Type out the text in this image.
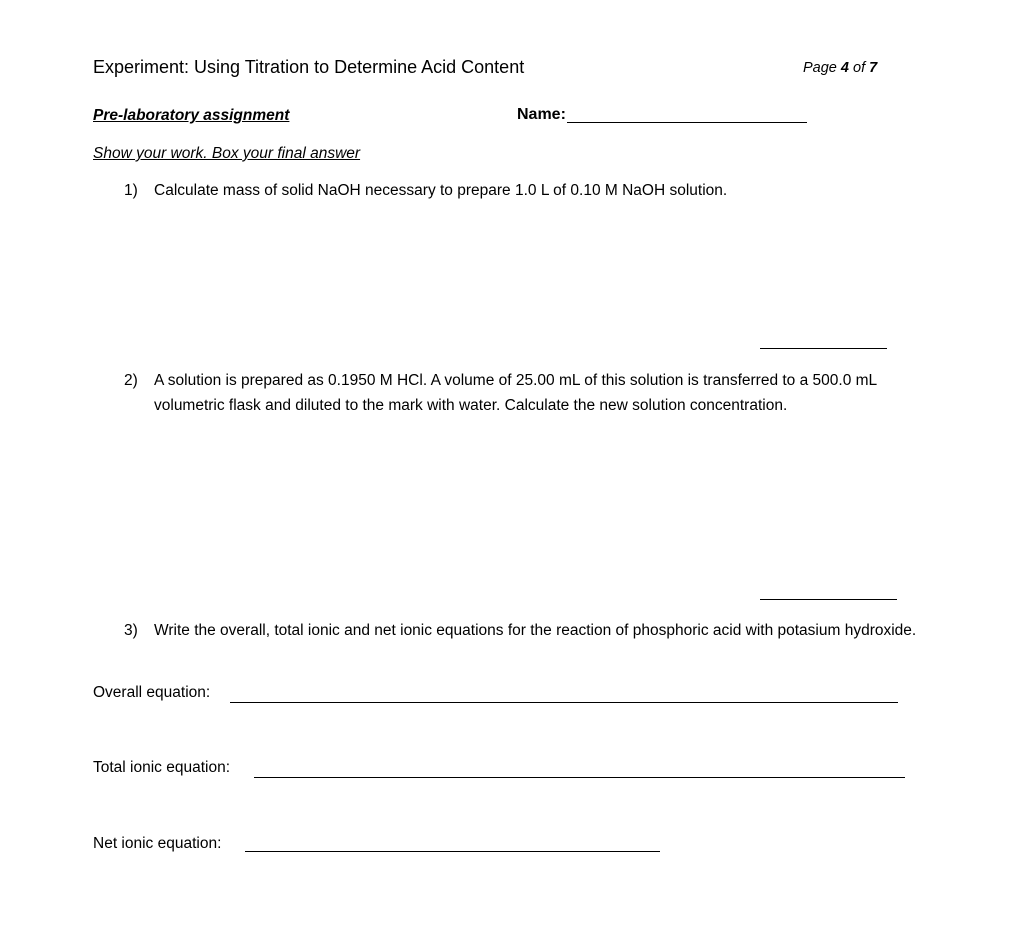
Experiment: Using Titration to Determine Acid Content	Page 4 of 7
Pre-laboratory assignment	Name:
Show your work. Box your final answer
1) Calculate mass of solid NaOH necessary to prepare 1.0 L of 0.10 M NaOH solution.
2) A solution is prepared as 0.1950 M HCl. A volume of 25.00 mL of this solution is transferred to a 500.0 mL volumetric flask and diluted to the mark with water. Calculate the new solution concentration.
3) Write the overall, total ionic and net ionic equations for the reaction of phosphoric acid with potasium hydroxide.
Overall equation:
Total ionic equation:
Net ionic equation:
